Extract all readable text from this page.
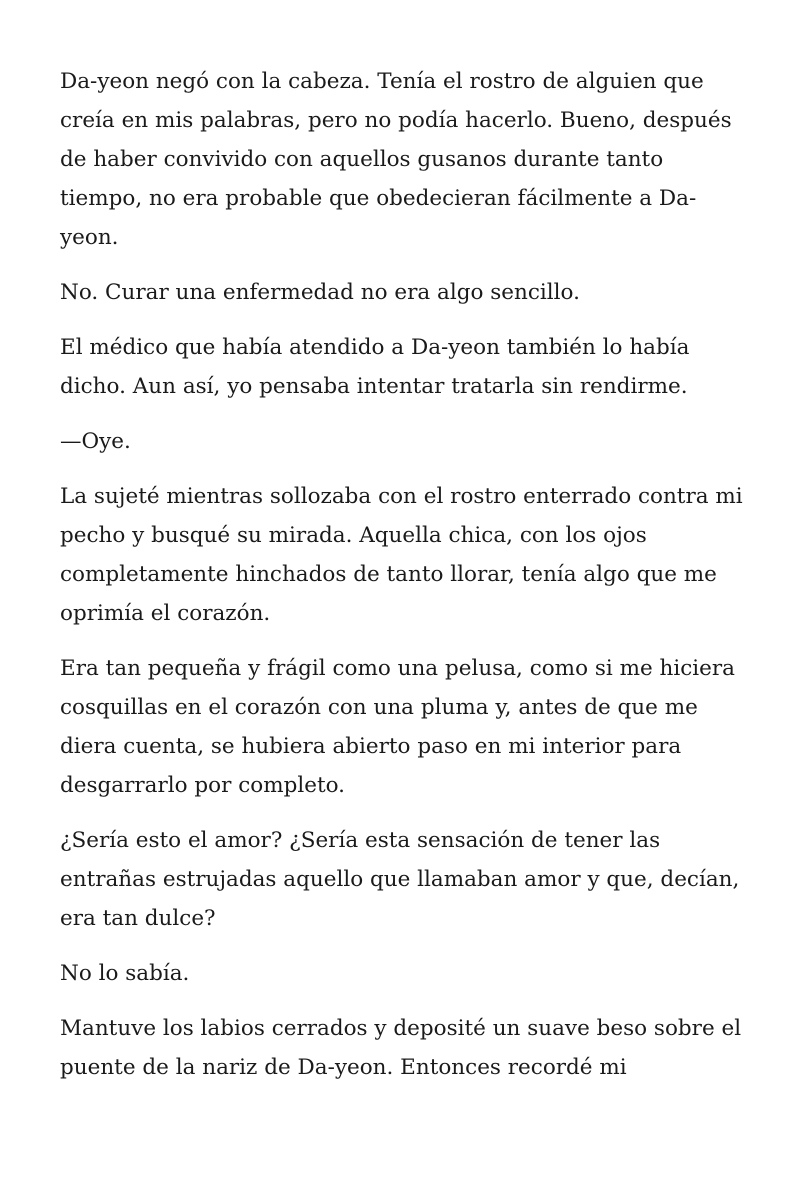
Da-yeon negó con la cabeza. Tenía el rostro de alguien que creía en mis palabras, pero no podía hacerlo. Bueno, después de haber convivido con aquellos gusanos durante tanto tiempo, no era probable que obedecieran fácilmente a Da-yeon.

No. Curar una enfermedad no era algo sencillo.

El médico que había atendido a Da-yeon también lo había dicho. Aun así, yo pensaba intentar tratarla sin rendirme.

—Oye.

La sujeté mientras sollozaba con el rostro enterrado contra mi pecho y busqué su mirada. Aquella chica, con los ojos completamente hinchados de tanto llorar, tenía algo que me oprimía el corazón.

Era tan pequeña y frágil como una pelusa, como si me hiciera cosquillas en el corazón con una pluma y, antes de que me diera cuenta, se hubiera abierto paso en mi interior para desgarrarlo por completo.

¿Sería esto el amor? ¿Sería esta sensación de tener las entrañas estrujadas aquello que llamaban amor y que, decían, era tan dulce?

No lo sabía.

Mantuve los labios cerrados y deposité un suave beso sobre el puente de la nariz de Da-yeon. Entonces recordé mi
